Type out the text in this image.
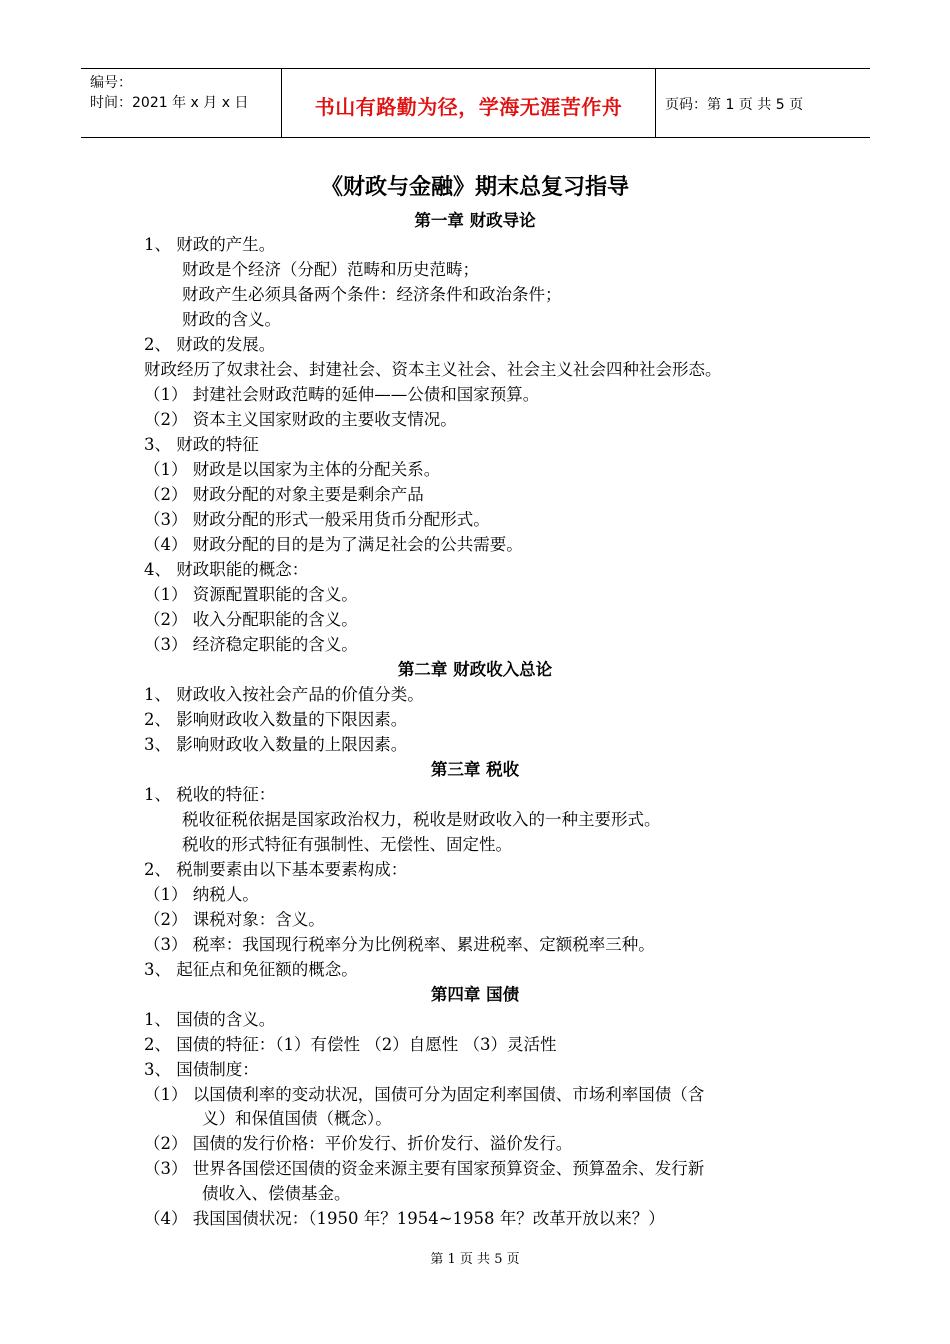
编号：
时间：2021 年 x 月 x 日	书山有路勤为径，学海无涯苦作舟	页码：第 1 页 共 5 页
《财政与金融》期末总复习指导
第一章 财政导论
1、 财政的产生。
财政是个经济（分配）范畴和历史范畴；
财政产生必须具备两个条件：经济条件和政治条件；
财政的含义。
2、 财政的发展。
财政经历了奴隶社会、封建社会、资本主义社会、社会主义社会四种社会形态。
（1） 封建社会财政范畴的延伸——公债和国家预算。
（2） 资本主义国家财政的主要收支情况。
3、 财政的特征
（1） 财政是以国家为主体的分配关系。
（2） 财政分配的对象主要是剩余产品
（3） 财政分配的形式一般采用货币分配形式。
（4） 财政分配的目的是为了满足社会的公共需要。
4、 财政职能的概念：
（1） 资源配置职能的含义。
（2） 收入分配职能的含义。
（3） 经济稳定职能的含义。
第二章 财政收入总论
1、 财政收入按社会产品的价值分类。
2、 影响财政收入数量的下限因素。
3、 影响财政收入数量的上限因素。
第三章 税收
1、 税收的特征：
税收征税依据是国家政治权力，税收是财政收入的一种主要形式。
税收的形式特征有强制性、无偿性、固定性。
2、 税制要素由以下基本要素构成：
（1） 纳税人。
（2） 课税对象：含义。
（3） 税率：我国现行税率分为比例税率、累进税率、定额税率三种。
3、 起征点和免征额的概念。
第四章 国债
1、 国债的含义。
2、 国债的特征：（1）有偿性 （2）自愿性 （3）灵活性
3、 国债制度：
（1） 以国债利率的变动状况，国债可分为固定利率国债、市场利率国债（含
义）和保值国债（概念）。
（2） 国债的发行价格：平价发行、折价发行、溢价发行。
（3） 世界各国偿还国债的资金来源主要有国家预算资金、预算盈余、发行新
债收入、偿债基金。
（4） 我国国债状况：（1950 年？1954~1958 年？改革开放以来？）
第 1 页 共 5 页
